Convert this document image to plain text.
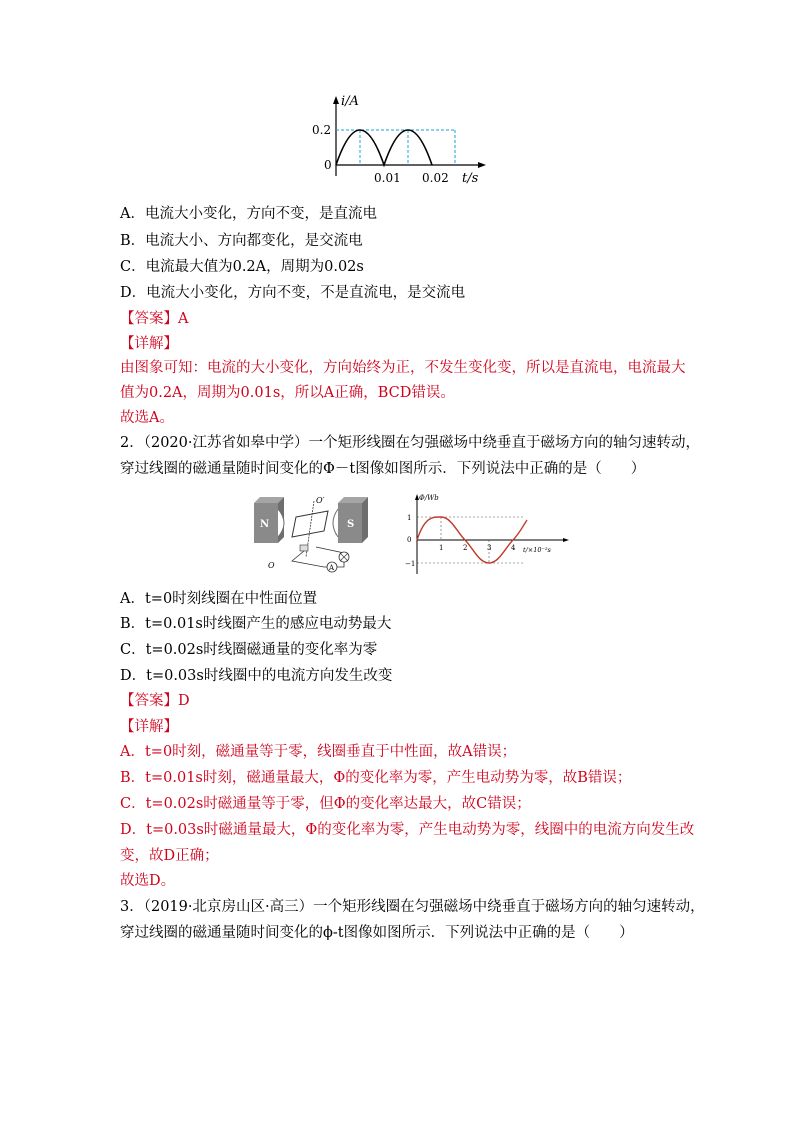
i/A
0.2
0
0.01 0.02 t/s
A．电流大小变化，方向不变，是直流电
B．电流大小、方向都变化，是交流电
C．电流最大值为0.2A，周期为0.02s
D．电流大小变化，方向不变，不是直流电，是交流电
【答案】A
【详解】
由图象可知：电流的大小变化，方向始终为正，不发生变化变，所以是直流电，电流最大
值为0.2A，周期为0.01s，所以A正确，BCD错误。
故选A。
2．（2020·江苏省如皋中学）一个矩形线圈在匀强磁场中绕垂直于磁场方向的轴匀速转动，
穿过线圈的磁通量随时间变化的Φ－t图像如图所示．下列说法中正确的是（　　）
N	S
O′
O	A
Φ/Wb
1
0
−1
1	2	3	4 t/×10⁻²s
A．t=0时刻线圈在中性面位置
B．t=0.01s时线圈产生的感应电动势最大
C．t=0.02s时线圈磁通量的变化率为零
D．t=0.03s时线圈中的电流方向发生改变
【答案】D
【详解】
A．t=0时刻，磁通量等于零，线圈垂直于中性面，故A错误；
B．t=0.01s时刻，磁通量最大，Φ的变化率为零，产生电动势为零，故B错误；
C．t=0.02s时磁通量等于零，但Φ的变化率达最大，故C错误；
D．t=0.03s时磁通量最大，Φ的变化率为零，产生电动势为零，线圈中的电流方向发生改
变，故D正确；
故选D。
3．（2019·北京房山区·高三）一个矩形线圈在匀强磁场中绕垂直于磁场方向的轴匀速转动，
穿过线圈的磁通量随时间变化的ϕ-t图像如图所示．下列说法中正确的是（　　）
